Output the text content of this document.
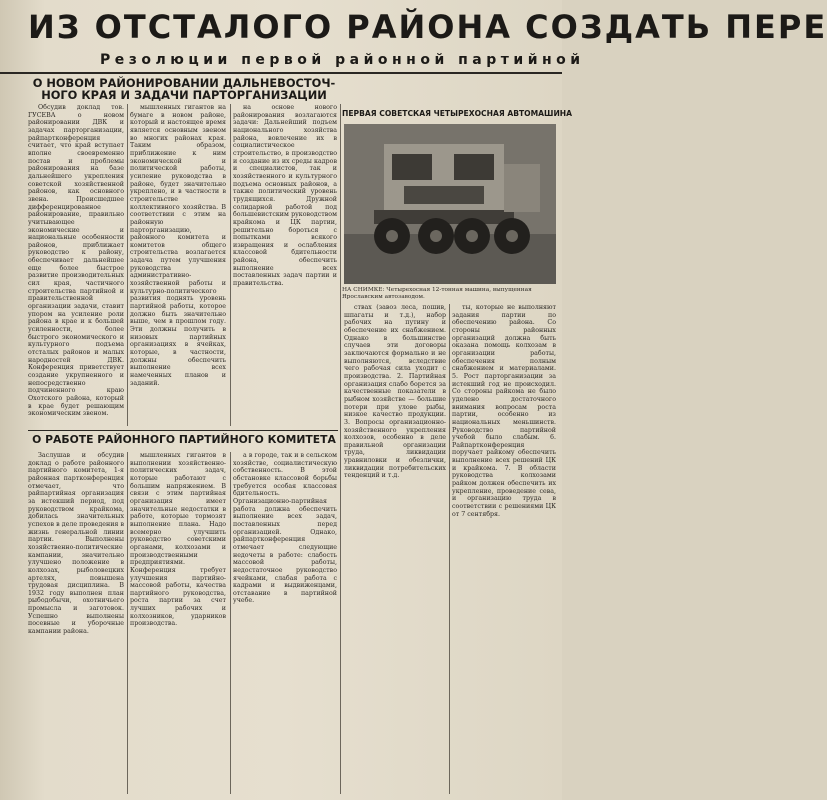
ИЗ ОТСТАЛОГО РАЙОНА СОЗДАТЬ ПЕРЕ
Резолюции первой районной партийной
О НОВОМ РАЙОНИРОВАНИИ ДАЛЬНЕВОСТОЧ-
НОГО КРАЯ И ЗАДАЧИ ПАРТОРГАНИЗАЦИИ

Обсудив доклад тов. ГУСЕВА о новом районировании ДВК и задачах парторганизации, райпартконференция считает, что край вступает вполне своевременно постав и проблемы районирования на базе дальнейшего укрепления советской хозяйственной районов, как основного звена. Происшедшее дифференцированное районирование, правильно учитывающее экономические и национальные особенности районов, приближает руководство к району, обеспечивает дальнейшее еще более быстрое развитие производительных сил края, частичного строительства партийной и правительственной организации задачи, ставит упором на усиление роли района в крае и к большей усиленности, более быстрого экономического и культурного подъема отсталых районов и малых народностей ДВК. Конференция приветствует создание укрупненного и непосредственно подчиненного краю Охотского района, который в крае будет решающим экономическим звеном.

мышленных гигантов на бумаге в новом районе, который и настоящее время является основным звеном во многих районах края. Таким образом, приближение к ним экономической и политической работы, усиление руководства в районе, будет значительно укреплено, и в частности в строительстве коллективного хозяйства. В соответствии с этим на районную парторганизацию, районного комитета и комитетов общего строительства возлагается задача путем улучшения руководства административно-хозяйственной работы и культурно-политического развития поднять уровень партийной работы, которое должно быть значительно выше, чем в прошлом году. Эти должны получить в низовых партийных организациях в ячейках, которые, в частности, должны обеспечить выполнение всех намеченных планов и заданий.

на основе нового районирования возлагаются задачи: Дальнейший подъем национального хозяйства района, вовлечение их в социалистическое строительство, в производство и создание из их среды кадров и специалистов, так и хозяйственного и культурного подъема основных районов, а также политический уровень трудящихся. Дружной солидарной работой под большевистским руководством крайкома и ЦК партии, решительно бороться с попытками всякого извращения и ослабления классовой бдительности района, обеспечить выполнение всех поставленных задач партии и правительства.

ПЕРВАЯ СОВЕТСКАЯ ЧЕТЫРЕХОСНАЯ АВТОМАШИНА
НА СНИМКЕ: Четырехосная 12-тонная машина, выпущенная Ярославским автозаводом.

ствах (завоз леса, пошив, шпагаты и т.д.), набор рабочих на путину и обеспечение их снабжением. Однако в большинстве случаев эти договоры заключаются формально и не выполняются, вследствие чего рабочая сила уходит с производства. 2. Партийная организация слабо борется за качественные показатели в рыбном хозяйстве — большие потери при улове рыбы, низкое качество продукции. 3. Вопросы организационно-хозяйственного укрепления колхозов, особенно в деле правильной организации труда, ликвидации уравниловки и обезлички, ликвидации потребительских тенденций и т.д.

ты, которые не выполняют задания партии по обеспечению района. Со стороны районных организаций должна быть оказана помощь колхозам в организации работы, обеспечения полным снабжением и материалами. 5. Рост парторганизации за истекший год не происходил. Со стороны райкома не было уделено достаточного внимания вопросам роста партии, особенно из национальных меньшинств. Руководство партийной учебой было слабым. 6. Райпартконференция поручает райкому обеспечить выполнение всех решений ЦК и крайкома. 7. В области руководства колхозами райком должен обеспечить их укрепление, проведение сева, и организацию труда в соответствии с решениями ЦК от 7 сентября.

О РАБОТЕ РАЙОННОГО ПАРТИЙНОГО КОМИТЕТА

Заслушав и обсудив доклад о работе районного партийного комитета, 1-я районная партконференция отмечает, что райпартийная организация за истекший период, под руководством крайкома, добилась значительных успехов в деле проведения в жизнь генеральной линии партии. Выполнены хозяйственно-политические кампании, значительно улучшено положение в колхозах, рыболовецких артелях, повышена трудовая дисциплина. В 1932 году выполнен план рыбодобычи, охотничьего промысла и заготовок. Успешно выполнены посевные и уборочные кампании района.

мышленных гигантов в выполнении хозяйственно-политических задач, которые работают с большим напряжением. В связи с этим партийная организация имеет значительные недостатки в работе, которые тормозят выполнение плана. Надо всемерно улучшить руководство советскими органами, колхозами и производственными предприятиями. Конференция требует улучшения партийно-массовой работы, качества партийного руководства, роста партии за счет лучших рабочих и колхозников, ударников производства.

а в городе, так и в сельском хозяйстве, социалистическую собственность. В этой обстановке классовой борьбы требуется особая классовая бдительность. Организационно-партийная работа должна обеспечить выполнение всех задач, поставленных перед организацией. Однако, райпартконференция отмечает следующие недочеты в работе: слабость массовой работы, недостаточное руководство ячейками, слабая работа с кадрами и выдвиженцами, отставание в партийной учебе.
